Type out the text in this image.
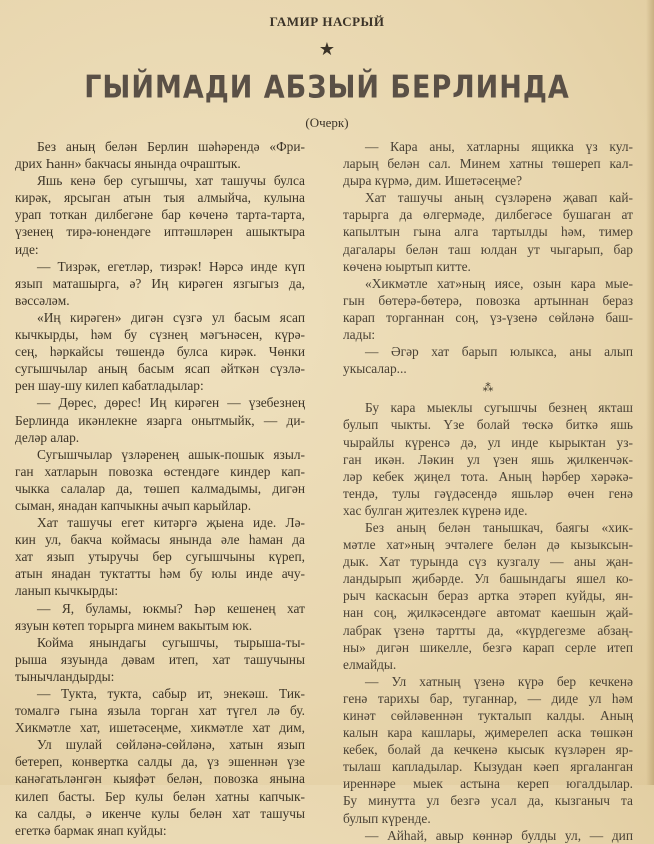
ГАМИР НАСРЫЙ
★
ГЫЙМАДИ АБЗЫЙ БЕРЛИНДА
(Очерк)
Без аның белән Берлин шәһәрендә «Фри-
дрих Һанн» бакчасы янында очраштык.
Яшь кенә бер сугышчы, хат ташучы булса
кирәк, ярсыган атын тыя алмыйча, кулына
урап тоткан дилбегәне бар көченә тарта-тарта,
үзенең тирә-юнендәге иптәшләрен ашыктыра
иде:
— Тизрәк, егетләр, тизрәк! Нәрсә инде күп
язып маташырга, ә? Иң кирәген язгыгыз да,
вәссәләм.
«Иң кирәген» дигән сүзгә ул басым ясап
кычкырды, һәм бу сүзнең мәгънәсен, күрә-
сең, һәркайсы төшендә булса кирәк. Чөнки
сугышчылар аның басым ясап әйткән сүзлә-
рен шау-шу килеп кабатладылар:
— Дөрес, дөрес! Иң кирәген — үзебезнең
Берлинда икәнлекне язарга онытмыйк, — ди-
деләр алар.
Сугышчылар үзләренең ашык-пошык языл-
ган хатларын повозка өстендәге киндер кап-
чыкка салалар да, төшеп калмадымы, дигән
сыман, янадан капчыкны ачып карыйлар.
Хат ташучы егет китәргә җыена иде. Лә-
кин ул, бакча коймасы янында әле һаман да
хат язып утыручы бер сугышчыны күреп,
атын янадан туктатты һәм бу юлы инде ачу-
ланып кычкырды:
— Я, буламы, юкмы? Һәр кешенең хат
язуын көтеп торырга минем вакытым юк.
Койма янындагы сугышчы, тырыша-ты-
рыша язуында дәвам итеп, хат ташучыны
тынычландырды:
— Тукта, тукта, сабыр ит, энекәш. Тик-
томалгә гына языла торган хат түгел лә бу.
Хикмәтле хат, ишетәсеңме, хикмәтле хат дим,
Ул шулай сөйләнә-сөйләнә, хатын язып
бетереп, конвертка салды да, үз эшеннән үзе
канәгатьләнгән кыяфәт белән, повозка янына
килеп басты. Бер кулы белән хатны капчык-
ка салды, ә икенче кулы белән хат ташучы
егеткә бармак янап куйды:
— Кара аны, хатларны ящикка үз кул-
ларың белән сал. Минем хатны төшереп кал-
дыра күрмә, дим. Ишетәсеңме?
Хат ташучы аның сүзләренә җавап кай-
тарырга да өлгермәде, дилбегәсе бушаган ат
капылтын гына алга тартылды һәм, тимер
дагалары белән таш юлдан ут чыгарып, бар
көченә юыртып китте.
«Хикмәтле хат»ның иясе, озын кара мые-
гын бөтерә-бөтерә, повозка артыннан бераз
карап торганнан соң, үз-үзенә сөйләнә баш-
лады:
— Әгәр хат барып юлыкса, аны алып
укысалар...
⁂
Бу кара мыеклы сугышчы безнең якташ
булып чыкты. Үзе болай төскә биткә яшь
чырайлы күренсә дә, ул инде кырыктан уз-
ган икән. Ләкин ул үзен яшь җилкенчәк-
ләр кебек җиңел тота. Аның һәрбер хәрәкә-
тендә, тулы гәүдәсендә яшьләр өчен генә
хас булган җитезлек күренә иде.
Без аның белән танышкач, баягы «хик-
мәтле хат»ның эчтәлеге белән дә кызыксын-
дык. Хат турында сүз кузгалу — аны җан-
ландырып җибәрде. Ул башындагы яшел ко-
рыч каскасын бераз артка этәреп куйды, ян-
нан соң, җилкәсендәге автомат каешын җай-
лабрак үзенә тартты да, «күрдегезме абзаң-
ны» дигән шикелле, безгә карап серле итеп
елмайды.
— Ул хатның үзенә күрә бер кечкенә
генә тарихы бар, туганнар, — диде ул һәм
кинәт сөйләвеннән тукталып калды. Аның
калын кара кашлары, җимерелеп аска төшкән
кебек, болай да кечкенә кысык күзләрен яр-
тылаш капладылар. Кызудан кәеп яргаланган
иреннәре мыек астына кереп югалдылар.
Бу минутта ул безгә усал да, кызганыч та
булып күренде.
— Айһай, авыр көннәр булды ул, — дип
